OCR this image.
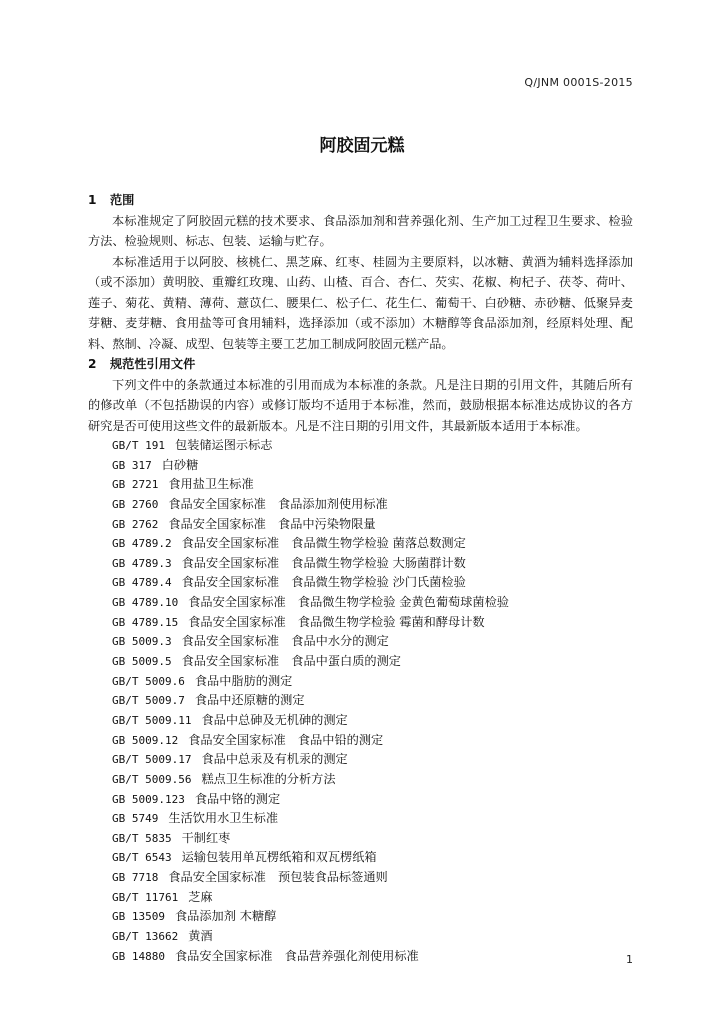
Q/JNM 0001S-2015
阿胶固元糕

1 范围

本标准规定了阿胶固元糕的技术要求、食品添加剂和营养强化剂、生产加工过程卫生要求、检验方法、检验规则、标志、包装、运输与贮存。

本标准适用于以阿胶、核桃仁、黑芝麻、红枣、桂圆为主要原料，以冰糖、黄酒为辅料选择添加（或不添加）黄明胶、重瓣红玫瑰、山药、山楂、百合、杏仁、芡实、花椒、枸杞子、茯苓、荷叶、莲子、菊花、黄精、薄荷、薏苡仁、腰果仁、松子仁、花生仁、葡萄干、白砂糖、赤砂糖、低聚异麦芽糖、麦芽糖、食用盐等可食用辅料，选择添加（或不添加）木糖醇等食品添加剂，经原料处理、配料、熬制、冷凝、成型、包装等主要工艺加工制成阿胶固元糕产品。

2 规范性引用文件

下列文件中的条款通过本标准的引用而成为本标准的条款。凡是注日期的引用文件，其随后所有的修改单（不包括勘误的内容）或修订版均不适用于本标准，然而，鼓励根据本标准达成协议的各方研究是否可使用这些文件的最新版本。凡是不注日期的引用文件，其最新版本适用于本标准。

GB/T 191 包装储运图示标志
GB 317 白砂糖
GB 2721 食用盐卫生标准
GB 2760 食品安全国家标准　食品添加剂使用标准
GB 2762 食品安全国家标准　食品中污染物限量
GB 4789.2 食品安全国家标准　食品微生物学检验 菌落总数测定
GB 4789.3 食品安全国家标准　食品微生物学检验 大肠菌群计数
GB 4789.4 食品安全国家标准　食品微生物学检验 沙门氏菌检验
GB 4789.10 食品安全国家标准　食品微生物学检验 金黄色葡萄球菌检验
GB 4789.15 食品安全国家标准　食品微生物学检验 霉菌和酵母计数
GB 5009.3 食品安全国家标准　食品中水分的测定
GB 5009.5 食品安全国家标准　食品中蛋白质的测定
GB/T 5009.6 食品中脂肪的测定
GB/T 5009.7 食品中还原糖的测定
GB/T 5009.11 食品中总砷及无机砷的测定
GB 5009.12 食品安全国家标准　食品中铅的测定
GB/T 5009.17 食品中总汞及有机汞的测定
GB/T 5009.56 糕点卫生标准的分析方法
GB 5009.123 食品中铬的测定
GB 5749 生活饮用水卫生标准
GB/T 5835 干制红枣
GB/T 6543 运输包装用单瓦楞纸箱和双瓦楞纸箱
GB 7718 食品安全国家标准　预包装食品标签通则
GB/T 11761 芝麻
GB 13509 食品添加剂 木糖醇
GB/T 13662 黄酒
GB 14880 食品安全国家标准　食品营养强化剂使用标准	1
